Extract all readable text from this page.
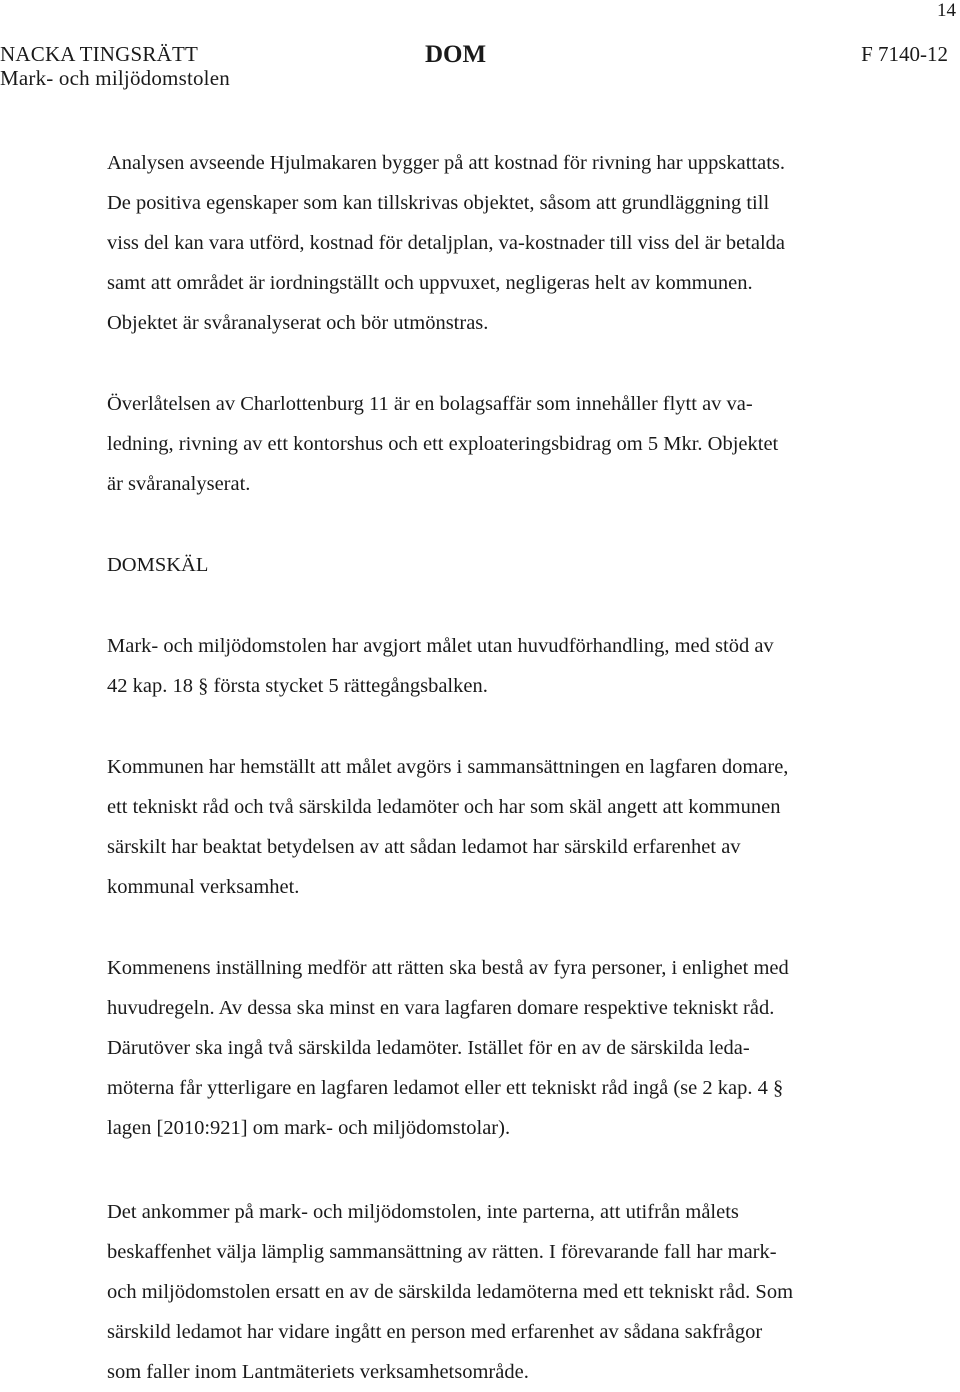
14
NACKA TINGSRÄTT
Mark- och miljödomstolen
DOM	F 7140-12

Analysen avseende Hjulmakaren bygger på att kostnad för rivning har uppskattats.
De positiva egenskaper som kan tillskrivas objektet, såsom att grundläggning till
viss del kan vara utförd, kostnad för detaljplan, va-kostnader till viss del är betalda
samt att området är iordningställt och uppvuxet, negligeras helt av kommunen.
Objektet är svåranalyserat och bör utmönstras.

Överlåtelsen av Charlottenburg 11 är en bolagsaffär som innehåller flytt av va-
ledning, rivning av ett kontorshus och ett exploateringsbidrag om 5 Mkr. Objektet
är svåranalyserat.

DOMSKÄL

Mark- och miljödomstolen har avgjort målet utan huvudförhandling, med stöd av
42 kap. 18 § första stycket 5 rättegångsbalken.

Kommunen har hemställt att målet avgörs i sammansättningen en lagfaren domare,
ett tekniskt råd och två särskilda ledamöter och har som skäl angett att kommunen
särskilt har beaktat betydelsen av att sådan ledamot har särskild erfarenhet av
kommunal verksamhet.

Kommenens inställning medför att rätten ska bestå av fyra personer, i enlighet med
huvudregeln. Av dessa ska minst en vara lagfaren domare respektive tekniskt råd.
Därutöver ska ingå två särskilda ledamöter. Istället för en av de särskilda leda-
möterna får ytterligare en lagfaren ledamot eller ett tekniskt råd ingå (se 2 kap. 4 §
lagen [2010:921] om mark- och miljödomstolar).

Det ankommer på mark- och miljödomstolen, inte parterna, att utifrån målets
beskaffenhet välja lämplig sammansättning av rätten. I förevarande fall har mark-
och miljödomstolen ersatt en av de särskilda ledamöterna med ett tekniskt råd. Som
särskild ledamot har vidare ingått en person med erfarenhet av sådana sakfrågor
som faller inom Lantmäteriets verksamhetsområde.
